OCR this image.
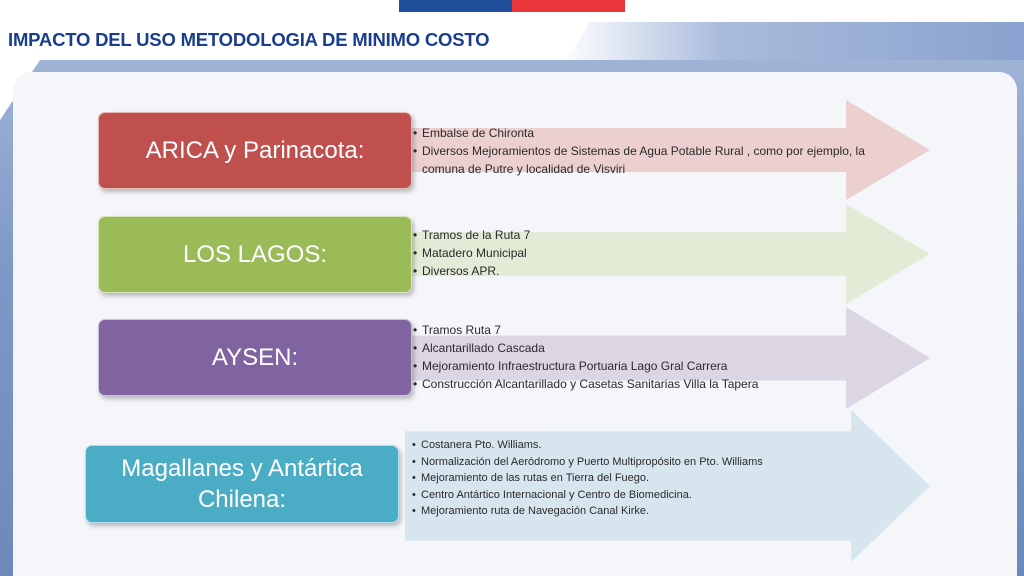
IMPACTO DEL USO METODOLOGIA DE MINIMO COSTO
ARICA y Parinacota:
• Embalse de Chironta
• Diversos Mejoramientos de Sistemas de Agua Potable Rural , como por ejemplo, la comuna de Putre y localidad de Visviri
LOS LAGOS:
• Tramos de la Ruta 7
• Matadero Municipal
• Diversos APR.
AYSEN:
• Tramos Ruta 7
• Alcantarillado Cascada
• Mejoramiento Infraestructura Portuaria Lago Gral Carrera
• Construcción Alcantarillado y Casetas Sanitarias Villa la Tapera
Magallanes y Antártica Chilena:
• Costanera Pto. Williams.
• Normalización del Aeródromo y Puerto Multipropósito en Pto. Williams
• Mejoramiento de las rutas en Tierra del Fuego.
• Centro Antártico Internacional y Centro de Biomedicina.
• Mejoramiento ruta de Navegación Canal Kirke.
